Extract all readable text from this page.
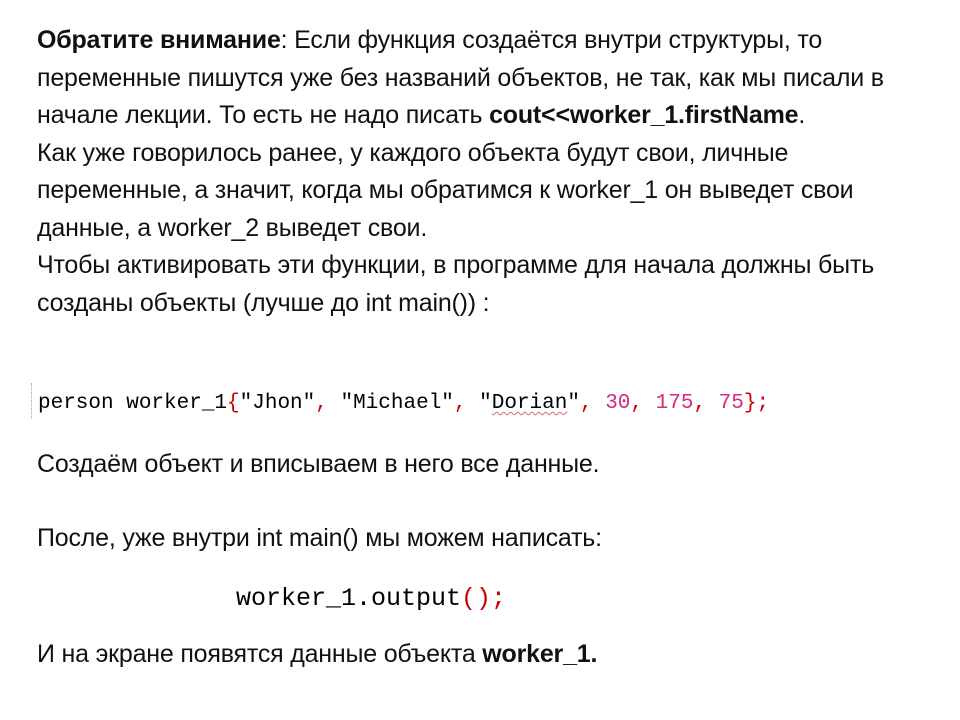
Обратите внимание: Если функция создаётся внутри структуры, то переменные пишутся уже без названий объектов, не так, как мы писали в начале лекции. То есть не надо писать cout<<worker_1.firstName.

Как уже говорилось ранее, у каждого объекта будут свои, личные переменные, а значит, когда мы обратимся к worker_1 он выведет свои данные, а worker_2 выведет свои.

Чтобы активировать эти функции, в программе для начала должны быть созданы объекты (лучше до int main()) :

person worker_1{"Jhon", "Michael", "Dorian", 30, 175, 75};

Создаём объект и вписываем в него все данные.

После, уже внутри int main() мы можем написать:

worker_1.output();

И на экране появятся данные объекта worker_1.
